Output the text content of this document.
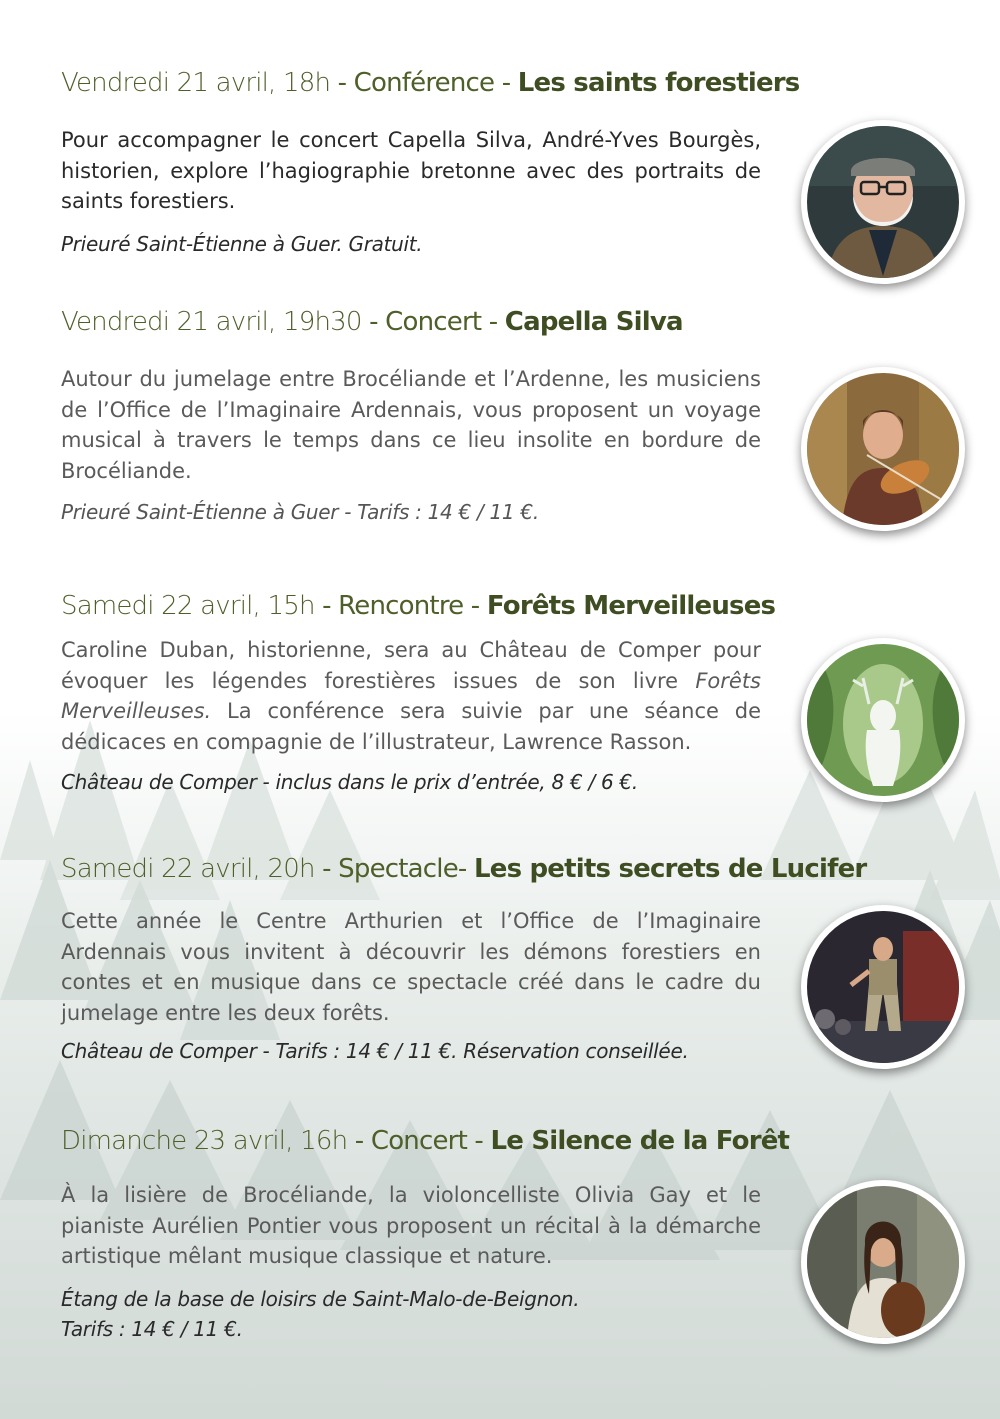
Vendredi 21 avril, 18h - Conférence - Les saints forestiers

Pour accompagner le concert Capella Silva, André-Yves Bourgès, historien, explore l’hagiographie bretonne avec des portraits de saints forestiers.

Prieuré Saint-Étienne à Guer. Gratuit.

Vendredi 21 avril, 19h30 - Concert - Capella Silva

Autour du jumelage entre Brocéliande et l’Ardenne, les musiciens de l’Office de l’Imaginaire Ardennais, vous proposent un voyage musical à travers le temps dans ce lieu insolite en bordure de Brocéliande.

Prieuré Saint-Étienne à Guer - Tarifs : 14 € / 11 €.

Samedi 22 avril, 15h - Rencontre - Forêts Merveilleuses

Caroline Duban, historienne, sera au Château de Comper pour évoquer les légendes forestières issues de son livre Forêts Merveilleuses. La conférence sera suivie par une séance de dédicaces en compagnie de l’illustrateur, Lawrence Rasson.

Château de Comper - inclus dans le prix d’entrée, 8 € / 6 €.

Samedi 22 avril, 20h - Spectacle- Les petits secrets de Lucifer

Cette année le Centre Arthurien et l’Office de l’Imaginaire Ardennais vous invitent à découvrir les démons forestiers en contes et en musique dans ce spectacle créé dans le cadre du jumelage entre les deux forêts.

Château de Comper - Tarifs : 14 € / 11 €. Réservation conseillée.

Dimanche 23 avril, 16h - Concert - Le Silence de la Forêt

À la lisière de Brocéliande, la violoncelliste Olivia Gay et le pianiste Aurélien Pontier vous proposent un récital à la démarche artistique mêlant musique classique et nature.

Étang de la base de loisirs de Saint-Malo-de-Beignon.

Tarifs : 14 € / 11 €.
